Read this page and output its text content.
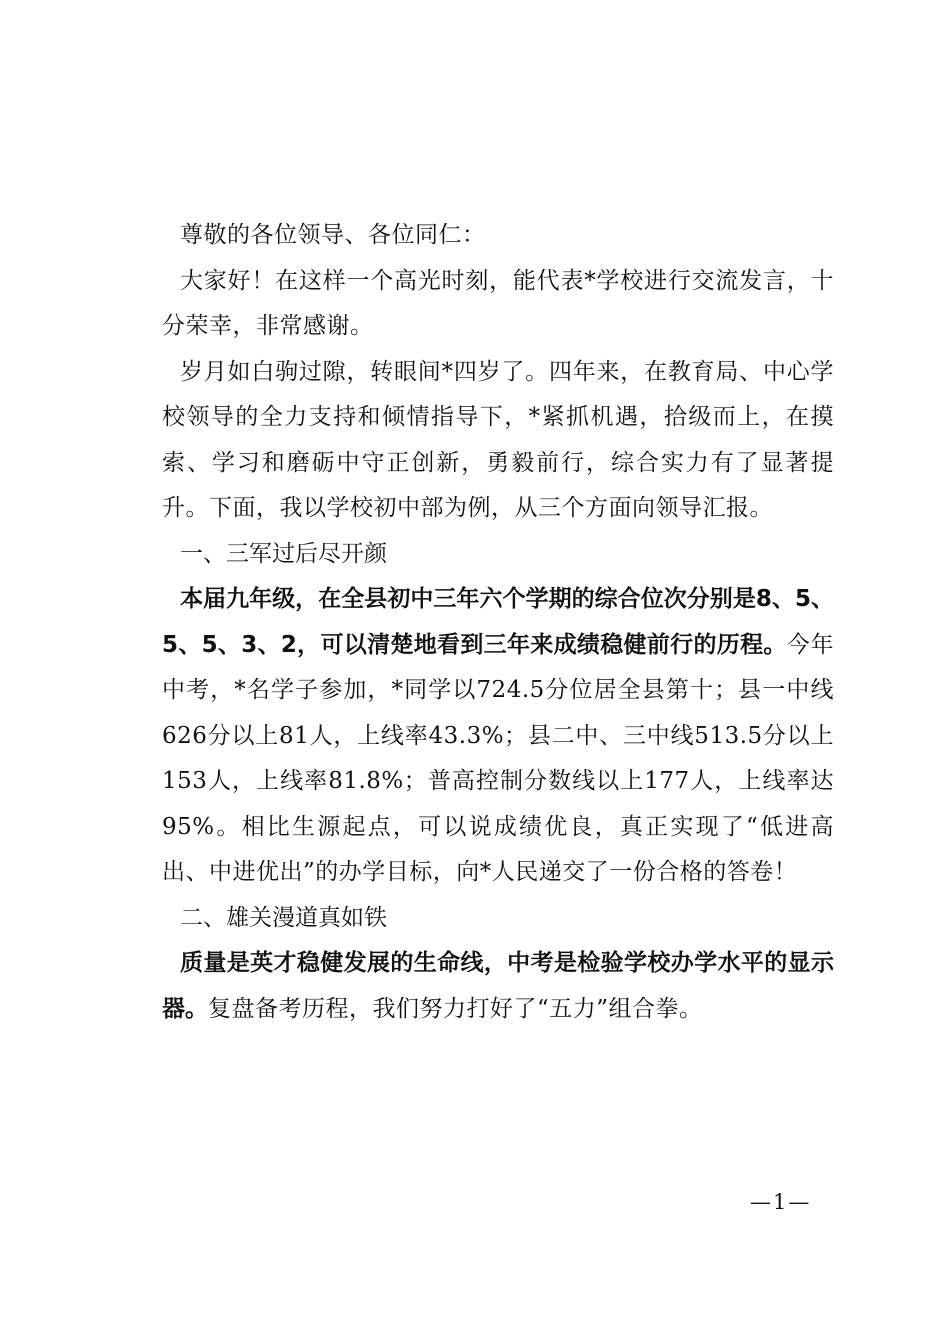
尊敬的各位领导、各位同仁：

大家好！在这样一个高光时刻，能代表*学校进行交流发言，十分荣幸，非常感谢。

岁月如白驹过隙，转眼间*四岁了。四年来，在教育局、中心学校领导的全力支持和倾情指导下，*紧抓机遇，拾级而上，在摸索、学习和磨砺中守正创新，勇毅前行，综合实力有了显著提升。下面，我以学校初中部为例，从三个方面向领导汇报。

一、三军过后尽开颜

本届九年级，在全县初中三年六个学期的综合位次分别是8、5、5、5、3、2，可以清楚地看到三年来成绩稳健前行的历程。今年中考，*名学子参加，*同学以724.5分位居全县第十；县一中线626分以上81人，上线率43.3%；县二中、三中线513.5分以上153人，上线率81.8%；普高控制分数线以上177人，上线率达95%。相比生源起点，可以说成绩优良，真正实现了“低进高出、中进优出”的办学目标，向*人民递交了一份合格的答卷！

二、雄关漫道真如铁

质量是英才稳健发展的生命线，中考是检验学校办学水平的显示器。复盘备考历程，我们努力打好了“五力”组合拳。

—1—
